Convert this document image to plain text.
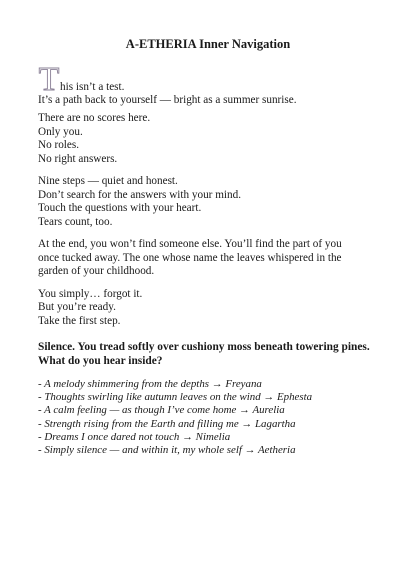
A-ETHERIA Inner Navigation
T his isn’t a test.
It’s a path back to yourself — bright as a summer sunrise.
There are no scores here.
Only you.
No roles.
No right answers.
Nine steps — quiet and honest.
Don’t search for the answers with your mind.
Touch the questions with your heart.
Tears count, too.
At the end, you won’t find someone else. You’ll find the part of you
once tucked away. The one whose name the leaves whispered in the
garden of your childhood.
You simply… forgot it.
But you’re ready.
Take the first step.
Silence. You tread softly over cushiony moss beneath towering pines. What do you hear inside?
- A melody shimmering from the depths → Freyana
- Thoughts swirling like autumn leaves on the wind → Ephesta
- A calm feeling — as though I’ve come home → Aurelia
- Strength rising from the Earth and filling me → Lagartha
- Dreams I once dared not touch → Nimelia
- Simply silence — and within it, my whole self → Aetheria
